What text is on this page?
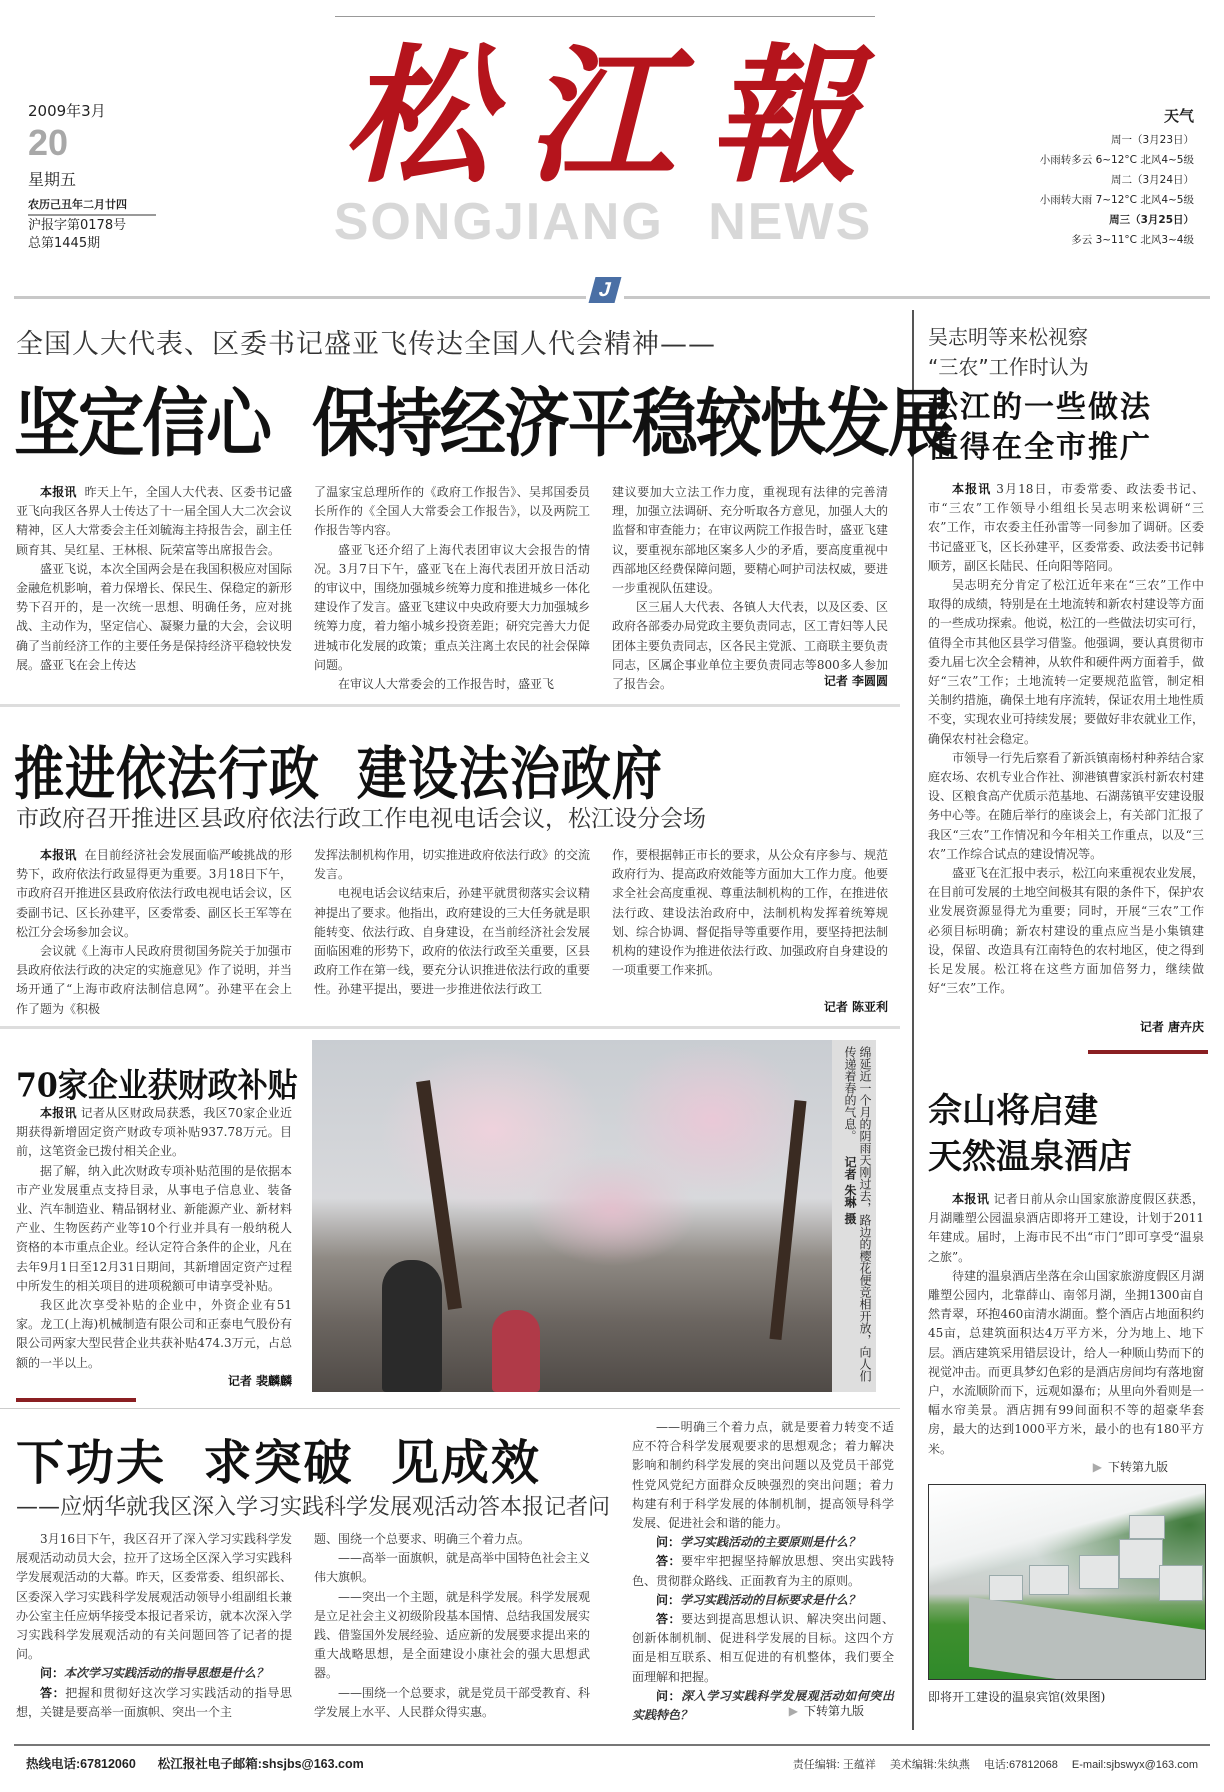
2009年3月
20
星期五
农历己丑年二月廿四
沪报字第0178号
总第1445期
松 江 報
SONGJIANG NEWS
天气
周一（3月23日）
小雨转多云 6~12°C 北风4~5级
周二（3月24日）
小雨转大雨 7~12°C 北风4~5级
周三（3月25日）
多云 3~11°C 北风3~4级
J
全国人大代表、区委书记盛亚飞传达全国人代会精神——
坚定信心  保持经济平稳较快发展

本报讯 昨天上午，全国人大代表、区委书记盛亚飞向我区各界人士传达了十一届全国人大二次会议精神，区人大常委会主任刘毓海主持报告会，副主任顾育其、吴红星、王林根、阮荣富等出席报告会。

盛亚飞说，本次全国两会是在我国积极应对国际金融危机影响，着力保增长、保民生、保稳定的新形势下召开的，是一次统一思想、明确任务，应对挑战、主动作为，坚定信心、凝聚力量的大会，会议明确了当前经济工作的主要任务是保持经济平稳较快发展。盛亚飞在会上传达

了温家宝总理所作的《政府工作报告》、吴邦国委员长所作的《全国人大常委会工作报告》，以及两院工作报告等内容。

盛亚飞还介绍了上海代表团审议大会报告的情况。3月7日下午，盛亚飞在上海代表团开放日活动的审议中，围绕加强城乡统筹力度和推进城乡一体化建设作了发言。盛亚飞建议中央政府要大力加强城乡统筹力度，着力缩小城乡投资差距；研究完善大力促进城市化发展的政策；重点关注离土农民的社会保障问题。

在审议人大常委会的工作报告时，盛亚飞

建议要加大立法工作力度，重视现有法律的完善清理，加强立法调研、充分听取各方意见，加强人大的监督和审查能力；在审议两院工作报告时，盛亚飞建议，要重视东部地区案多人少的矛盾，要高度重视中西部地区经费保障问题，要精心呵护司法权威，要进一步重视队伍建设。

区三届人大代表、各镇人大代表，以及区委、区政府各部委办局党政主要负责同志，区工青妇等人民团体主要负责同志，区各民主党派、工商联主要负责同志，区属企事业单位主要负责同志等800多人参加了报告会。	记者 李圆圆
推进依法行政  建设法治政府
市政府召开推进区县政府依法行政工作电视电话会议，松江设分会场

本报讯 在目前经济社会发展面临严峻挑战的形势下，政府依法行政显得更为重要。3月18日下午，市政府召开推进区县政府依法行政电视电话会议，区委副书记、区长孙建平，区委常委、副区长王军等在松江分会场参加会议。

会议就《上海市人民政府贯彻国务院关于加强市县政府依法行政的决定的实施意见》作了说明，并当场开通了“上海市政府法制信息网”。孙建平在会上作了题为《积极

发挥法制机构作用，切实推进政府依法行政》的交流发言。

电视电话会议结束后，孙建平就贯彻落实会议精神提出了要求。他指出，政府建设的三大任务就是职能转变、依法行政、自身建设，在当前经济社会发展面临困难的形势下，政府的依法行政至关重要，区县政府工作在第一线，要充分认识推进依法行政的重要性。孙建平提出，要进一步推进依法行政工

作，要根据韩正市长的要求，从公众有序参与、规范政府行为、提高政府效能等方面加大工作力度。他要求全社会高度重视、尊重法制机构的工作，在推进依法行政、建设法治政府中，法制机构发挥着统筹规划、综合协调、督促指导等重要作用，要坚持把法制机构的建设作为推进依法行政、加强政府自身建设的一项重要工作来抓。

记者 陈亚利
70家企业获财政补贴

本报讯 记者从区财政局获悉，我区70家企业近期获得新增固定资产财政专项补贴937.78万元。目前，这笔资金已拨付相关企业。

据了解，纳入此次财政专项补贴范围的是依据本市产业发展重点支持目录，从事电子信息业、装备业、汽车制造业、精品钢材业、新能源产业、新材料产业、生物医药产业等10个行业并具有一般纳税人资格的本市重点企业。经认定符合条件的企业，凡在去年9月1日至12月31日期间，其新增固定资产过程中所发生的相关项目的进项税额可申请享受补贴。

我区此次享受补贴的企业中，外资企业有51家。龙工(上海)机械制造有限公司和正泰电气股份有限公司两家大型民营企业共获补贴474.3万元，占总额的一半以上。

记者 裴麟麟	绵延近一个月的阴雨天刚过去，路边的樱花便竞相开放，向人们传递着春的气息。 记者 朱琳 摄
下功夫  求突破  见成效
——应炳华就我区深入学习实践科学发展观活动答本报记者问

3月16日下午，我区召开了深入学习实践科学发展观活动动员大会，拉开了这场全区深入学习实践科学发展观活动的大幕。昨天，区委常委、组织部长、区委深入学习实践科学发展观活动领导小组副组长兼办公室主任应炳华接受本报记者采访，就本次深入学习实践科学发展观活动的有关问题回答了记者的提问。

问：本次学习实践活动的指导思想是什么？

答：把握和贯彻好这次学习实践活动的指导思想，关键是要高举一面旗帜、突出一个主

题、围绕一个总要求、明确三个着力点。

——高举一面旗帜，就是高举中国特色社会主义伟大旗帜。

——突出一个主题，就是科学发展。科学发展观是立足社会主义初级阶段基本国情、总结我国发展实践、借鉴国外发展经验、适应新的发展要求提出来的重大战略思想，是全面建设小康社会的强大思想武器。

——围绕一个总要求，就是党员干部受教育、科学发展上水平、人民群众得实惠。

——明确三个着力点，就是要着力转变不适应不符合科学发展观要求的思想观念；着力解决影响和制约科学发展的突出问题以及党员干部党性党风党纪方面群众反映强烈的突出问题；着力构建有利于科学发展的体制机制，提高领导科学发展、促进社会和谐的能力。

问：学习实践活动的主要原则是什么？

答：要牢牢把握坚持解放思想、突出实践特色、贯彻群众路线、正面教育为主的原则。

问：学习实践活动的目标要求是什么？

答：要达到提高思想认识、解决突出问题、创新体制机制、促进科学发展的目标。这四个方面是相互联系、相互促进的有机整体，我们要全面理解和把握。

问：深入学习实践科学发展观活动如何突出实践特色？	▶ 下转第九版
吴志明等来松视察
“三农”工作时认为
松江的一些做法
值得在全市推广

本报讯 3月18日，市委常委、政法委书记、市“三农”工作领导小组组长吴志明来松调研“三农”工作，市农委主任孙雷等一同参加了调研。区委书记盛亚飞，区长孙建平，区委常委、政法委书记韩顺芳，副区长陆民、任向阳等陪同。

吴志明充分肯定了松江近年来在“三农”工作中取得的成绩，特别是在土地流转和新农村建设等方面的一些成功探索。他说，松江的一些做法切实可行，值得全市其他区县学习借鉴。他强调，要认真贯彻市委九届七次全会精神，从软件和硬件两方面着手，做好“三农”工作；土地流转一定要规范监管，制定相关制约措施，确保土地有序流转，保证农用土地性质不变，实现农业可持续发展；要做好非农就业工作，确保农村社会稳定。

市领导一行先后察看了新浜镇南杨村种养结合家庭农场、农机专业合作社、泖港镇曹家浜村新农村建设、区粮食高产优质示范基地、石湖荡镇平安建设服务中心等。在随后举行的座谈会上，有关部门汇报了我区“三农”工作情况和今年相关工作重点，以及“三农”工作综合试点的建设情况等。

盛亚飞在汇报中表示，松江向来重视农业发展，在目前可发展的土地空间极其有限的条件下，保护农业发展资源显得尤为重要；同时，开展“三农”工作必须目标明确；新农村建设的重点应当是小集镇建设，保留、改造具有江南特色的农村地区，使之得到长足发展。松江将在这些方面加倍努力，继续做好“三农”工作。

记者 唐卉庆
佘山将启建
天然温泉酒店

本报讯 记者日前从佘山国家旅游度假区获悉，月湖雕塑公园温泉酒店即将开工建设，计划于2011年建成。届时，上海市民不出“市门”即可享受“温泉之旅”。

待建的温泉酒店坐落在佘山国家旅游度假区月湖雕塑公园内，北靠薛山、南邻月湖，坐拥1300亩自然青翠，环抱460亩清水湖面。整个酒店占地面积约45亩，总建筑面积达4万平方米，分为地上、地下层。酒店建筑采用错层设计，给人一种顺山势而下的视觉冲击。而更具梦幻色彩的是酒店房间均有落地窗户，水流顺阶而下，远观如瀑布；从里向外看则是一幅水帘美景。酒店拥有99间面积不等的超豪华套房，最大的达到1000平方米，最小的也有180平方米。

▶ 下转第九版
即将开工建设的温泉宾馆(效果图)
热线电话:67812060 松江报社电子邮箱:shsjbs@163.com	责任编辑: 王蕴祥 美术编辑:朱纨燕 电话:67812068 E-mail:sjbswyx@163.com
